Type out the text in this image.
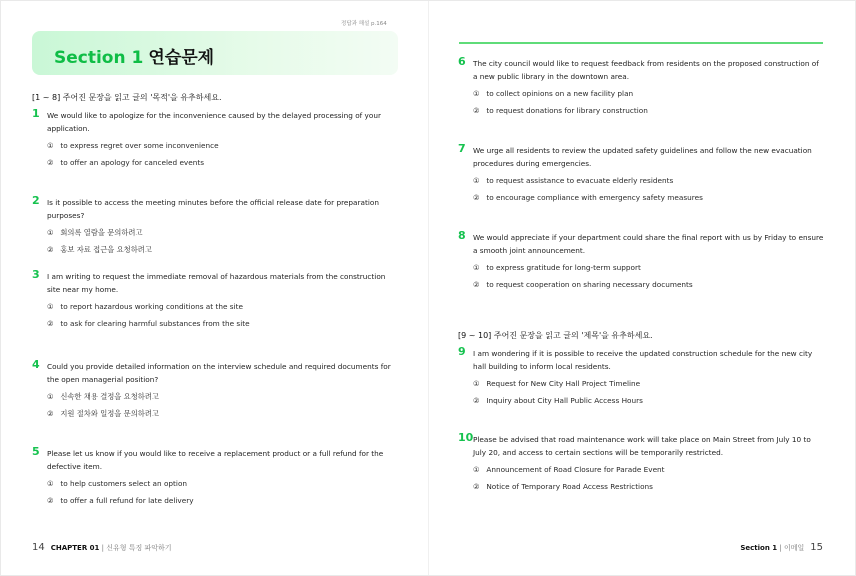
정답과 해설 p.164
Section 1 연습문제
[1 ~ 8] 주어진 문장을 읽고 글의 '목적'을 유추하세요.
1 We would like to apologize for the inconvenience caused by the delayed processing of your application.
① to express regret over some inconvenience
② to offer an apology for canceled events
2 Is it possible to access the meeting minutes before the official release date for preparation purposes?
① 회의록 열람을 문의하려고
② 홍보 자료 접근을 요청하려고
3 I am writing to request the immediate removal of hazardous materials from the construction site near my home.
① to report hazardous working conditions at the site
② to ask for clearing harmful substances from the site
4 Could you provide detailed information on the interview schedule and required documents for the open managerial position?
① 신속한 채용 결정을 요청하려고
② 지원 절차와 일정을 문의하려고
5 Please let us know if you would like to receive a replacement product or a full refund for the defective item.
① to help customers select an option
② to offer a full refund for late delivery
14 CHAPTER 01 | 신유형 특징 파악하기
6 The city council would like to request feedback from residents on the proposed construction of a new public library in the downtown area.
① to collect opinions on a new facility plan
② to request donations for library construction
7 We urge all residents to review the updated safety guidelines and follow the new evacuation procedures during emergencies.
① to request assistance to evacuate elderly residents
② to encourage compliance with emergency safety measures
8 We would appreciate if your department could share the final report with us by Friday to ensure a smooth joint announcement.
① to express gratitude for long-term support
② to request cooperation on sharing necessary documents
[9 ~ 10] 주어진 문장을 읽고 글의 '제목'을 유추하세요.
9 I am wondering if it is possible to receive the updated construction schedule for the new city hall building to inform local residents.
① Request for New City Hall Project Timeline
② Inquiry about City Hall Public Access Hours
10 Please be advised that road maintenance work will take place on Main Street from July 10 to July 20, and access to certain sections will be temporarily restricted.
① Announcement of Road Closure for Parade Event
② Notice of Temporary Road Access Restrictions
Section 1 | 이메일 15
